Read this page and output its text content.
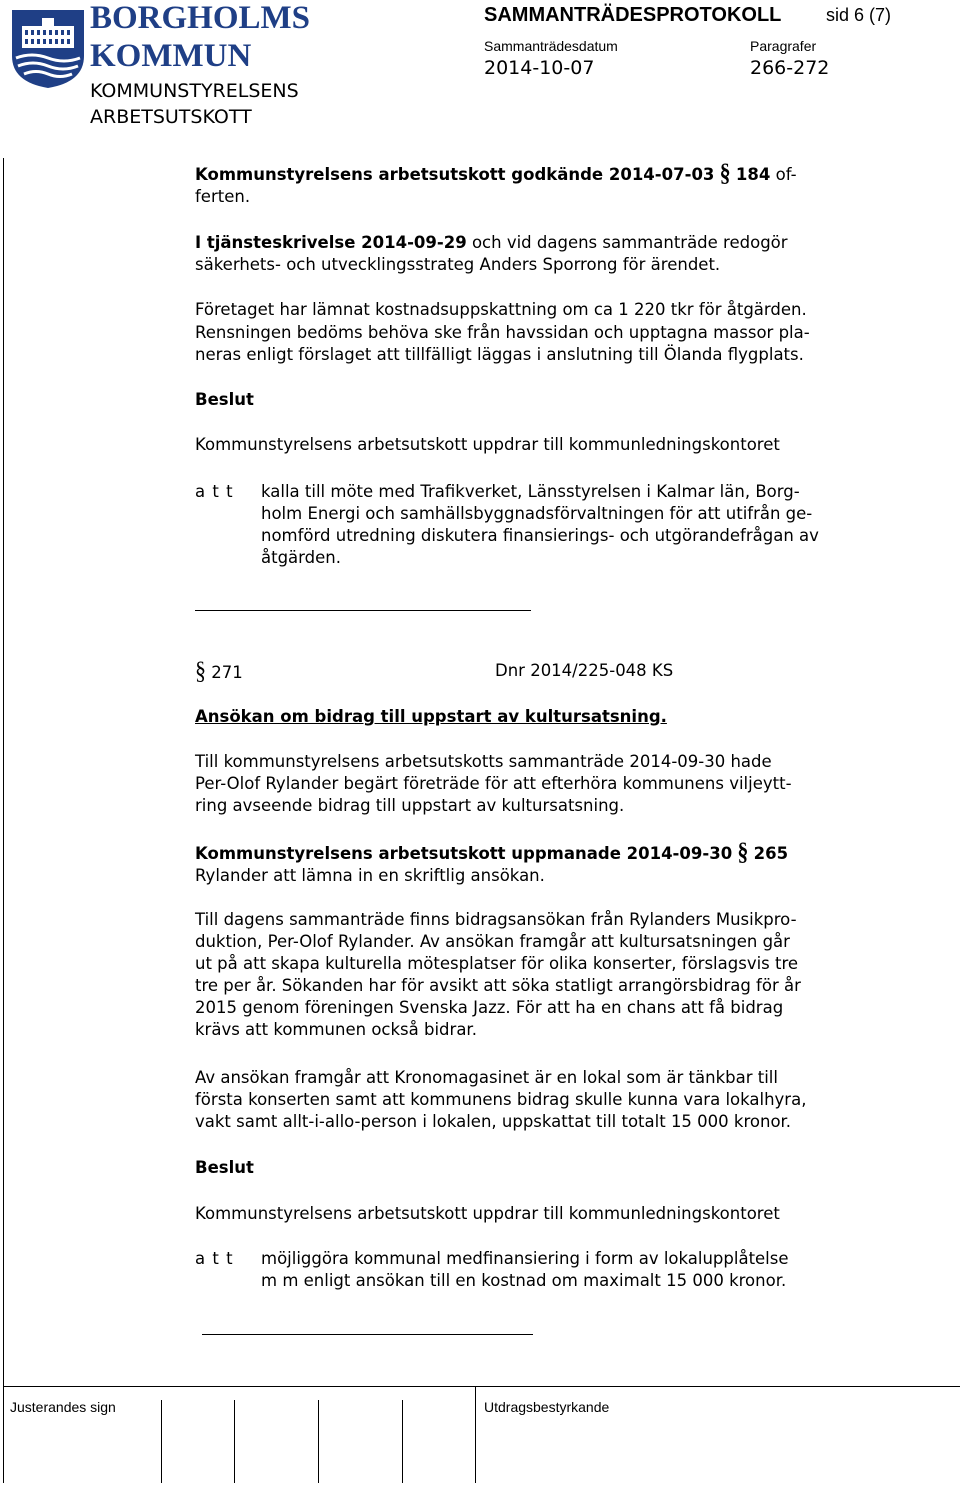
BORGHOLMS
KOMMUN
KOMMUNSTYRELSENS
ARBETSUTSKOTT
SAMMANTRÄDESPROTOKOLL sid 6 (7)
Sammanträdesdatum	Paragrafer
2014-10-07	266-272
Kommunstyrelsens arbetsutskott godkände 2014-07-03 § 184 of-
ferten.
I tjänsteskrivelse 2014-09-29 och vid dagens sammanträde redogör
säkerhets- och utvecklingsstrateg Anders Sporrong för ärendet.
Företaget har lämnat kostnadsuppskattning om ca 1 220 tkr för åtgärden.
Rensningen bedöms behöva ske från havssidan och upptagna massor pla-
neras enligt förslaget att tillfälligt läggas i anslutning till Ölanda flygplats.
Beslut
Kommunstyrelsens arbetsutskott uppdrar till kommunledningskontoret
a t t kalla till möte med Trafikverket, Länsstyrelsen i Kalmar län, Borg-
holm Energi och samhällsbyggnadsförvaltningen för att utifrån ge-
nomförd utredning diskutera finansierings- och utgörandefrågan av
åtgärden.
§ 271	Dnr 2014/225-048 KS
Ansökan om bidrag till uppstart av kultursatsning.
Till kommunstyrelsens arbetsutskotts sammanträde 2014-09-30 hade
Per-Olof Rylander begärt företräde för att efterhöra kommunens viljeytt-
ring avseende bidrag till uppstart av kultursatsning.
Kommunstyrelsens arbetsutskott uppmanade 2014-09-30 § 265
Rylander att lämna in en skriftlig ansökan.
Till dagens sammanträde finns bidragsansökan från Rylanders Musikpro-
duktion, Per-Olof Rylander. Av ansökan framgår att kultursatsningen går
ut på att skapa kulturella mötesplatser för olika konserter, förslagsvis tre
tre per år. Sökanden har för avsikt att söka statligt arrangörsbidrag för år
2015 genom föreningen Svenska Jazz. För att ha en chans att få bidrag
krävs att kommunen också bidrar.
Av ansökan framgår att Kronomagasinet är en lokal som är tänkbar till
första konserten samt att kommunens bidrag skulle kunna vara lokalhyra,
vakt samt allt-i-allo-person i lokalen, uppskattat till totalt 15 000 kronor.
Beslut
Kommunstyrelsens arbetsutskott uppdrar till kommunledningskontoret
a t t möjliggöra kommunal medfinansiering i form av lokalupplåtelse
m m enligt ansökan till en kostnad om maximalt 15 000 kronor.
Justerandes sign	Utdragsbestyrkande
